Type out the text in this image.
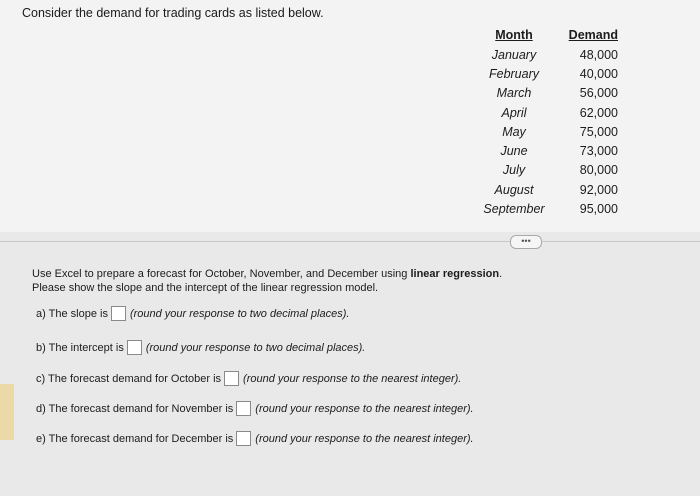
Consider the demand for trading cards as listed below.
Month	Demand
January	48,000
February	40,000
March	56,000
April	62,000
May	75,000
June	73,000
July	80,000
August	92,000
September	95,000
•••
Use Excel to prepare a forecast for October, November, and December using linear regression.
Please show the slope and the intercept of the linear regression model.
a) The slope is (round your response to two decimal places).
b) The intercept is (round your response to two decimal places).
c) The forecast demand for October is (round your response to the nearest integer).
d) The forecast demand for November is (round your response to the nearest integer).
e) The forecast demand for December is (round your response to the nearest integer).
